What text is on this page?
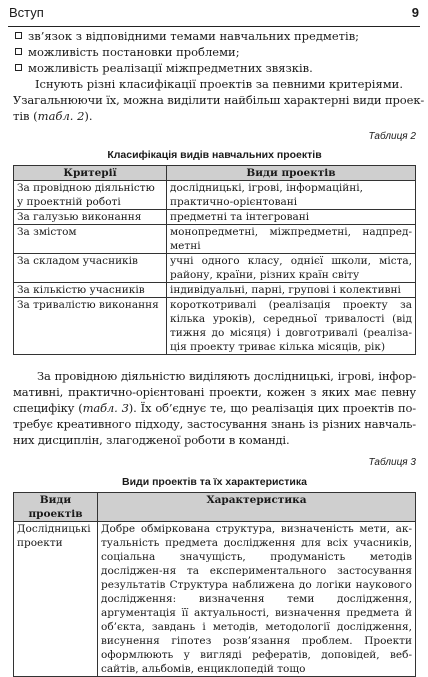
Вступ	9
зв’язок з відповідними темами навчальних предметів;
можливість постановки проблеми;
можливість реалізації міжпредметних звязків.
Існують різні класифікації проектів за певними критеріями.
Узагальнюючи їх, можна виділити найбільш характерні види проек-
тів (табл. 2).
Таблиця 2
Класифікація видів навчальних проектів
Критерії	Види проектів
За провідною діяльністю у проектній роботі	дослідницькі, ігрові, інформаційні, практично-орієнтовані
За галузью виконання	предметні та інтегровані
За змістом	монопредметні, міжпредметні, надпред-метні
За складом учасників	учні одного класу, однієї школи, міста, району, країни, різних країн світу
За кількістю учасників	індивідуальні, парні, групові і колективні
За тривалістю виконання	короткотривалі (реалізація проекту за кілька уроків), середньої тривалості (від тижня до місяця) і довготривалі (реаліза-ція проекту триває кілька місяців, рік)

За провідною діяльністю виділяють дослідницькі, ігрові, інфор-мативні, практично-орієнтовані проекти, кожен з яких має певну специфіку (табл. 3). Їх об’єднує те, що реалізація цих проектів по-требує креативного підходу, застосування знань із різних навчаль-них дисциплін, злагодженої роботи в команді.

Таблиця 3
Види проектів та їх характеристика
Види проектів	Характеристика
Дослідницькі проекти	Добре обміркована структура, визначеність мети, ак-туальність предмета дослідження для всіх учасників, соціальна значущість, продуманість методів досліджен-ня та експериментального застосування результатів Структура наближена до логіки наукового дослідження: визначення теми дослідження, аргументація її актуальності, визначення предмета й об’єкта, завдань і методів, методології дослідження, висунення гіпотез розв’язання проблем. Проекти оформлюють у вигляді рефератів, доповідей, веб-сайтів, альбомів, енциклопедій тощо
